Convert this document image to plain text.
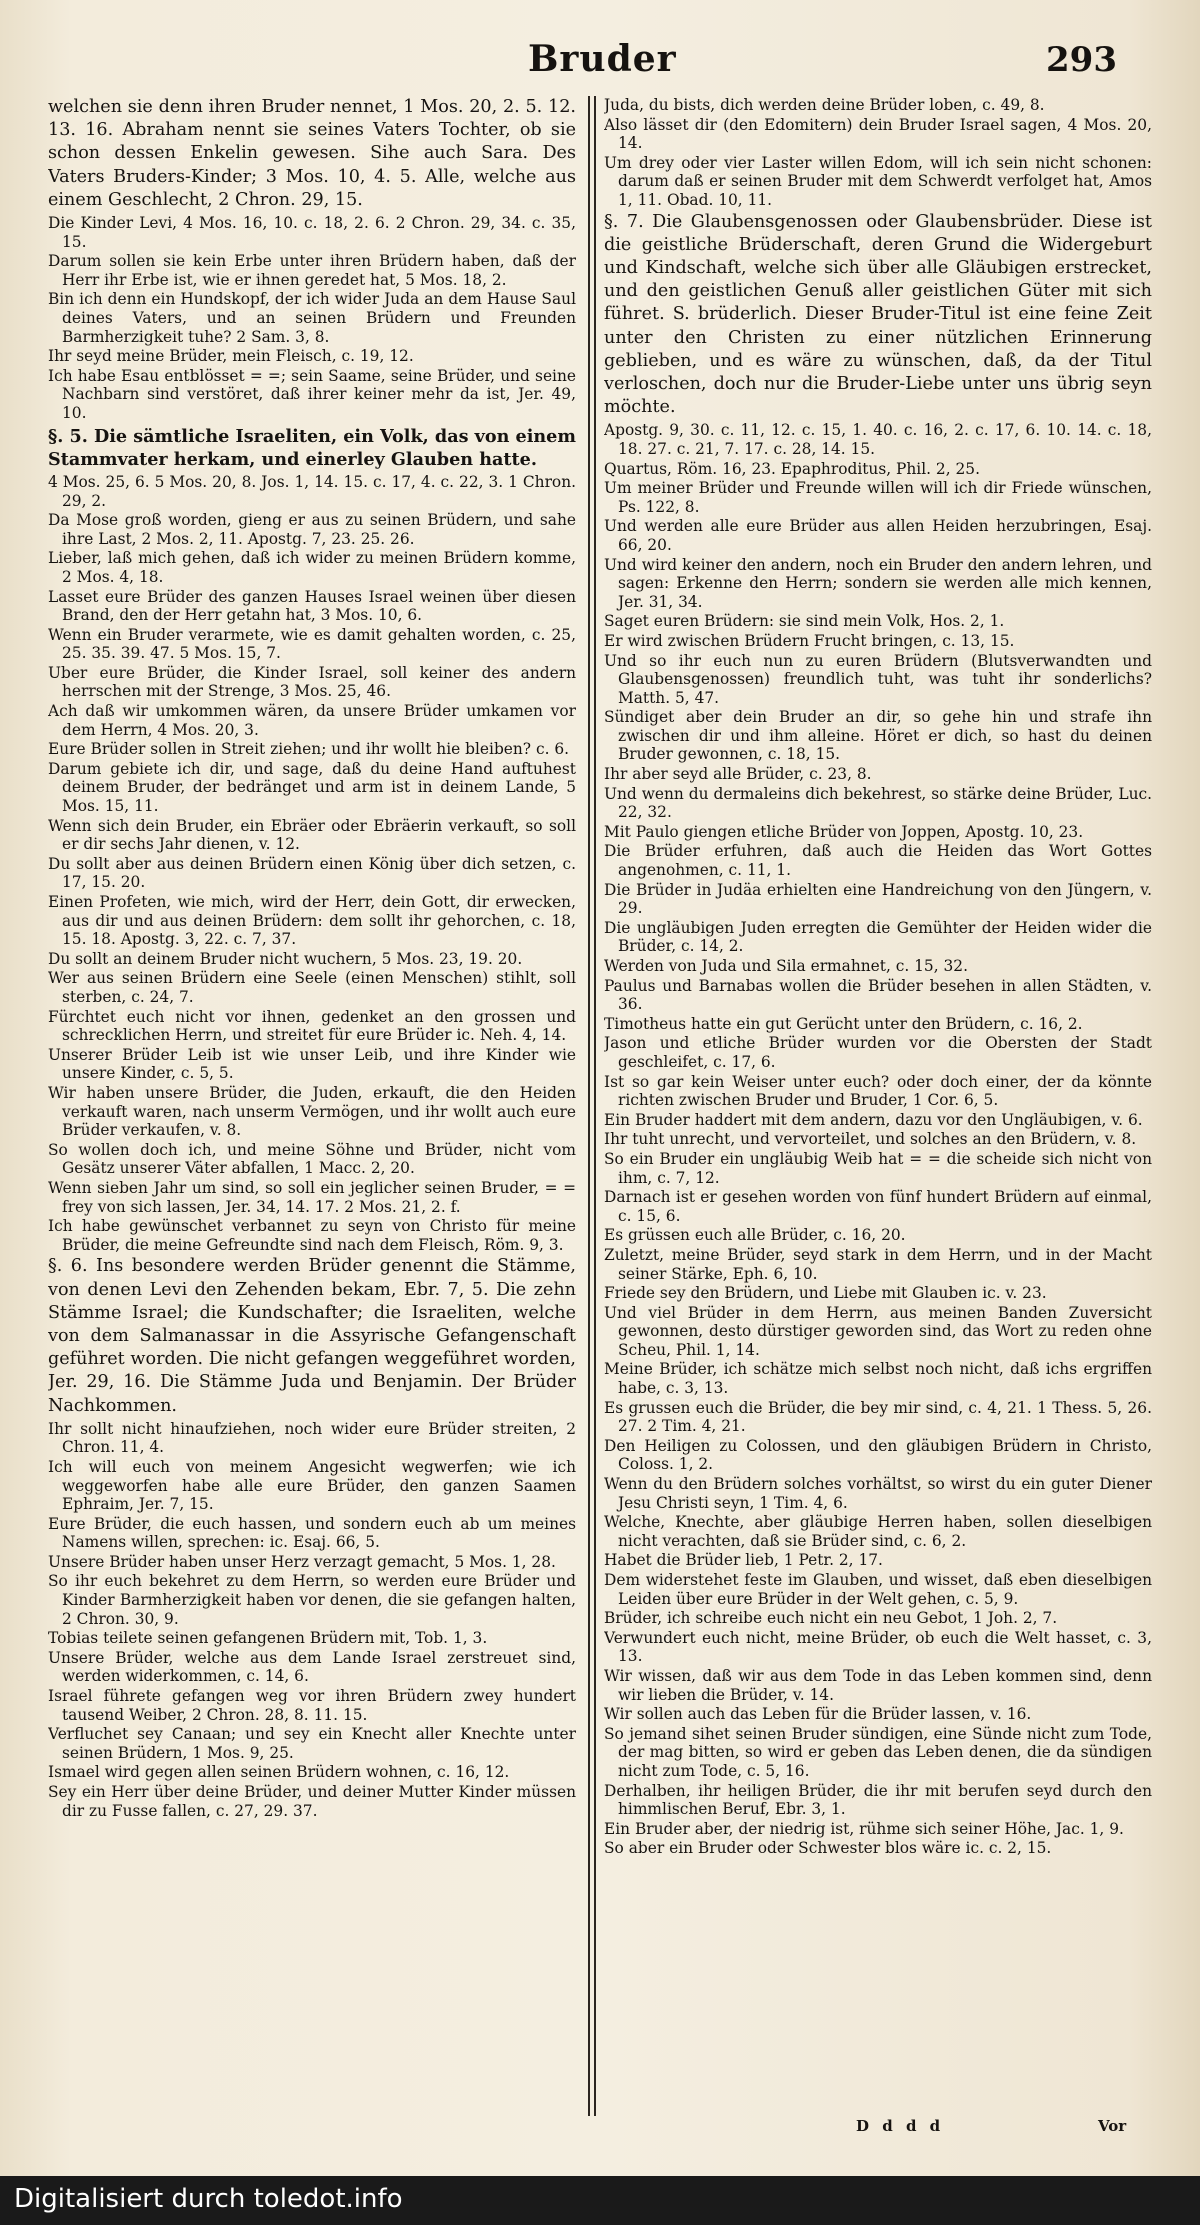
Bruder	293

welchen sie denn ihren Bruder nennet, 1 Mos. 20, 2. 5. 12. 13. 16. Abraham nennt sie seines Vaters Tochter, ob sie schon dessen Enkelin gewesen. Sihe auch Sara. Des Vaters Bruders-Kinder; 3 Mos. 10, 4. 5. Alle, welche aus einem Geschlecht, 2 Chron. 29, 15.

Die Kinder Levi, 4 Mos. 16, 10. c. 18, 2. 6. 2 Chron. 29, 34. c. 35, 15.

Darum sollen sie kein Erbe unter ihren Brüdern haben, daß der Herr ihr Erbe ist, wie er ihnen geredet hat, 5 Mos. 18, 2.

Bin ich denn ein Hundskopf, der ich wider Juda an dem Hause Saul deines Vaters, und an seinen Brüdern und Freunden Barmherzigkeit tuhe? 2 Sam. 3, 8.

Ihr seyd meine Brüder, mein Fleisch, c. 19, 12.

Ich habe Esau entblösset = =; sein Saame, seine Brüder, und seine Nachbarn sind verstöret, daß ihrer keiner mehr da ist, Jer. 49, 10.

§. 5. Die sämtliche Israeliten, ein Volk, das von einem Stammvater herkam, und einerley Glauben hatte.

4 Mos. 25, 6. 5 Mos. 20, 8. Jos. 1, 14. 15. c. 17, 4. c. 22, 3. 1 Chron. 29, 2.

Da Mose groß worden, gieng er aus zu seinen Brüdern, und sahe ihre Last, 2 Mos. 2, 11. Apostg. 7, 23. 25. 26.

Lieber, laß mich gehen, daß ich wider zu meinen Brüdern komme, 2 Mos. 4, 18.

Lasset eure Brüder des ganzen Hauses Israel weinen über diesen Brand, den der Herr getahn hat, 3 Mos. 10, 6.

Wenn ein Bruder verarmete, wie es damit gehalten worden, c. 25, 25. 35. 39. 47. 5 Mos. 15, 7.

Uber eure Brüder, die Kinder Israel, soll keiner des andern herrschen mit der Strenge, 3 Mos. 25, 46.

Ach daß wir umkommen wären, da unsere Brüder umkamen vor dem Herrn, 4 Mos. 20, 3.

Eure Brüder sollen in Streit ziehen; und ihr wollt hie bleiben? c. 6.

Darum gebiete ich dir, und sage, daß du deine Hand auftuhest deinem Bruder, der bedränget und arm ist in deinem Lande, 5 Mos. 15, 11.

Wenn sich dein Bruder, ein Ebräer oder Ebräerin verkauft, so soll er dir sechs Jahr dienen, v. 12.

Du sollt aber aus deinen Brüdern einen König über dich setzen, c. 17, 15. 20.

Einen Profeten, wie mich, wird der Herr, dein Gott, dir erwecken, aus dir und aus deinen Brüdern: dem sollt ihr gehorchen, c. 18, 15. 18. Apostg. 3, 22. c. 7, 37.

Du sollt an deinem Bruder nicht wuchern, 5 Mos. 23, 19. 20.

Wer aus seinen Brüdern eine Seele (einen Menschen) stihlt, soll sterben, c. 24, 7.

Fürchtet euch nicht vor ihnen, gedenket an den grossen und schrecklichen Herrn, und streitet für eure Brüder ic. Neh. 4, 14.

Unserer Brüder Leib ist wie unser Leib, und ihre Kinder wie unsere Kinder, c. 5, 5.

Wir haben unsere Brüder, die Juden, erkauft, die den Heiden verkauft waren, nach unserm Vermögen, und ihr wollt auch eure Brüder verkaufen, v. 8.

So wollen doch ich, und meine Söhne und Brüder, nicht vom Gesätz unserer Väter abfallen, 1 Macc. 2, 20.

Wenn sieben Jahr um sind, so soll ein jeglicher seinen Bruder, = = frey von sich lassen, Jer. 34, 14. 17. 2 Mos. 21, 2. f.

Ich habe gewünschet verbannet zu seyn von Christo für meine Brüder, die meine Gefreundte sind nach dem Fleisch, Röm. 9, 3.

§. 6. Ins besondere werden Brüder genennt die Stämme, von denen Levi den Zehenden bekam, Ebr. 7, 5. Die zehn Stämme Israel; die Kundschafter; die Israeliten, welche von dem Salmanassar in die Assyrische Gefangenschaft geführet worden. Die nicht gefangen weggeführet worden, Jer. 29, 16. Die Stämme Juda und Benjamin. Der Brüder Nachkommen.

Ihr sollt nicht hinaufziehen, noch wider eure Brüder streiten, 2 Chron. 11, 4.

Ich will euch von meinem Angesicht wegwerfen; wie ich weggeworfen habe alle eure Brüder, den ganzen Saamen Ephraim, Jer. 7, 15.

Eure Brüder, die euch hassen, und sondern euch ab um meines Namens willen, sprechen: ic. Esaj. 66, 5.

Unsere Brüder haben unser Herz verzagt gemacht, 5 Mos. 1, 28.

So ihr euch bekehret zu dem Herrn, so werden eure Brüder und Kinder Barmherzigkeit haben vor denen, die sie gefangen halten, 2 Chron. 30, 9.

Tobias teilete seinen gefangenen Brüdern mit, Tob. 1, 3.

Unsere Brüder, welche aus dem Lande Israel zerstreuet sind, werden widerkommen, c. 14, 6.

Israel führete gefangen weg vor ihren Brüdern zwey hundert tausend Weiber, 2 Chron. 28, 8. 11. 15.

Verfluchet sey Canaan; und sey ein Knecht aller Knechte unter seinen Brüdern, 1 Mos. 9, 25.

Ismael wird gegen allen seinen Brüdern wohnen, c. 16, 12.

Sey ein Herr über deine Brüder, und deiner Mutter Kinder müssen dir zu Fusse fallen, c. 27, 29. 37.

Juda, du bists, dich werden deine Brüder loben, c. 49, 8.

Also lässet dir (den Edomitern) dein Bruder Israel sagen, 4 Mos. 20, 14.

Um drey oder vier Laster willen Edom, will ich sein nicht schonen: darum daß er seinen Bruder mit dem Schwerdt verfolget hat, Amos 1, 11. Obad. 10, 11.

§. 7. Die Glaubensgenossen oder Glaubensbrüder. Diese ist die geistliche Brüderschaft, deren Grund die Widergeburt und Kindschaft, welche sich über alle Gläubigen erstrecket, und den geistlichen Genuß aller geistlichen Güter mit sich führet. S. brüderlich. Dieser Bruder-Titul ist eine feine Zeit unter den Christen zu einer nützlichen Erinnerung geblieben, und es wäre zu wünschen, daß, da der Titul verloschen, doch nur die Bruder-Liebe unter uns übrig seyn möchte.

Apostg. 9, 30. c. 11, 12. c. 15, 1. 40. c. 16, 2. c. 17, 6. 10. 14. c. 18, 18. 27. c. 21, 7. 17. c. 28, 14. 15.

Quartus, Röm. 16, 23. Epaphroditus, Phil. 2, 25.

Um meiner Brüder und Freunde willen will ich dir Friede wünschen, Ps. 122, 8.

Und werden alle eure Brüder aus allen Heiden herzubringen, Esaj. 66, 20.

Und wird keiner den andern, noch ein Bruder den andern lehren, und sagen: Erkenne den Herrn; sondern sie werden alle mich kennen, Jer. 31, 34.

Saget euren Brüdern: sie sind mein Volk, Hos. 2, 1.

Er wird zwischen Brüdern Frucht bringen, c. 13, 15.

Und so ihr euch nun zu euren Brüdern (Blutsverwandten und Glaubensgenossen) freundlich tuht, was tuht ihr sonderlichs? Matth. 5, 47.

Sündiget aber dein Bruder an dir, so gehe hin und strafe ihn zwischen dir und ihm alleine. Höret er dich, so hast du deinen Bruder gewonnen, c. 18, 15.

Ihr aber seyd alle Brüder, c. 23, 8.

Und wenn du dermaleins dich bekehrest, so stärke deine Brüder, Luc. 22, 32.

Mit Paulo giengen etliche Brüder von Joppen, Apostg. 10, 23.

Die Brüder erfuhren, daß auch die Heiden das Wort Gottes angenohmen, c. 11, 1.

Die Brüder in Judäa erhielten eine Handreichung von den Jüngern, v. 29.

Die ungläubigen Juden erregten die Gemühter der Heiden wider die Brüder, c. 14, 2.

Werden von Juda und Sila ermahnet, c. 15, 32.

Paulus und Barnabas wollen die Brüder besehen in allen Städten, v. 36.

Timotheus hatte ein gut Gerücht unter den Brüdern, c. 16, 2.

Jason und etliche Brüder wurden vor die Obersten der Stadt geschleifet, c. 17, 6.

Ist so gar kein Weiser unter euch? oder doch einer, der da könnte richten zwischen Bruder und Bruder, 1 Cor. 6, 5.

Ein Bruder haddert mit dem andern, dazu vor den Ungläubigen, v. 6.

Ihr tuht unrecht, und vervorteilet, und solches an den Brüdern, v. 8.

So ein Bruder ein ungläubig Weib hat = = die scheide sich nicht von ihm, c. 7, 12.

Darnach ist er gesehen worden von fünf hundert Brüdern auf einmal, c. 15, 6.

Es grüssen euch alle Brüder, c. 16, 20.

Zuletzt, meine Brüder, seyd stark in dem Herrn, und in der Macht seiner Stärke, Eph. 6, 10.

Friede sey den Brüdern, und Liebe mit Glauben ic. v. 23.

Und viel Brüder in dem Herrn, aus meinen Banden Zuversicht gewonnen, desto dürstiger geworden sind, das Wort zu reden ohne Scheu, Phil. 1, 14.

Meine Brüder, ich schätze mich selbst noch nicht, daß ichs ergriffen habe, c. 3, 13.

Es grussen euch die Brüder, die bey mir sind, c. 4, 21. 1 Thess. 5, 26. 27. 2 Tim. 4, 21.

Den Heiligen zu Colossen, und den gläubigen Brüdern in Christo, Coloss. 1, 2.

Wenn du den Brüdern solches vorhältst, so wirst du ein guter Diener Jesu Christi seyn, 1 Tim. 4, 6.

Welche, Knechte, aber gläubige Herren haben, sollen dieselbigen nicht verachten, daß sie Brüder sind, c. 6, 2.

Habet die Brüder lieb, 1 Petr. 2, 17.

Dem widerstehet feste im Glauben, und wisset, daß eben dieselbigen Leiden über eure Brüder in der Welt gehen, c. 5, 9.

Brüder, ich schreibe euch nicht ein neu Gebot, 1 Joh. 2, 7.

Verwundert euch nicht, meine Brüder, ob euch die Welt hasset, c. 3, 13.

Wir wissen, daß wir aus dem Tode in das Leben kommen sind, denn wir lieben die Brüder, v. 14.

Wir sollen auch das Leben für die Brüder lassen, v. 16.

So jemand sihet seinen Bruder sündigen, eine Sünde nicht zum Tode, der mag bitten, so wird er geben das Leben denen, die da sündigen nicht zum Tode, c. 5, 16.

Derhalben, ihr heiligen Brüder, die ihr mit berufen seyd durch den himmlischen Beruf, Ebr. 3, 1.

Ein Bruder aber, der niedrig ist, rühme sich seiner Höhe, Jac. 1, 9.

So aber ein Bruder oder Schwester blos wäre ic. c. 2, 15.

D d d d	Vor
Digitalisiert durch toledot.info
